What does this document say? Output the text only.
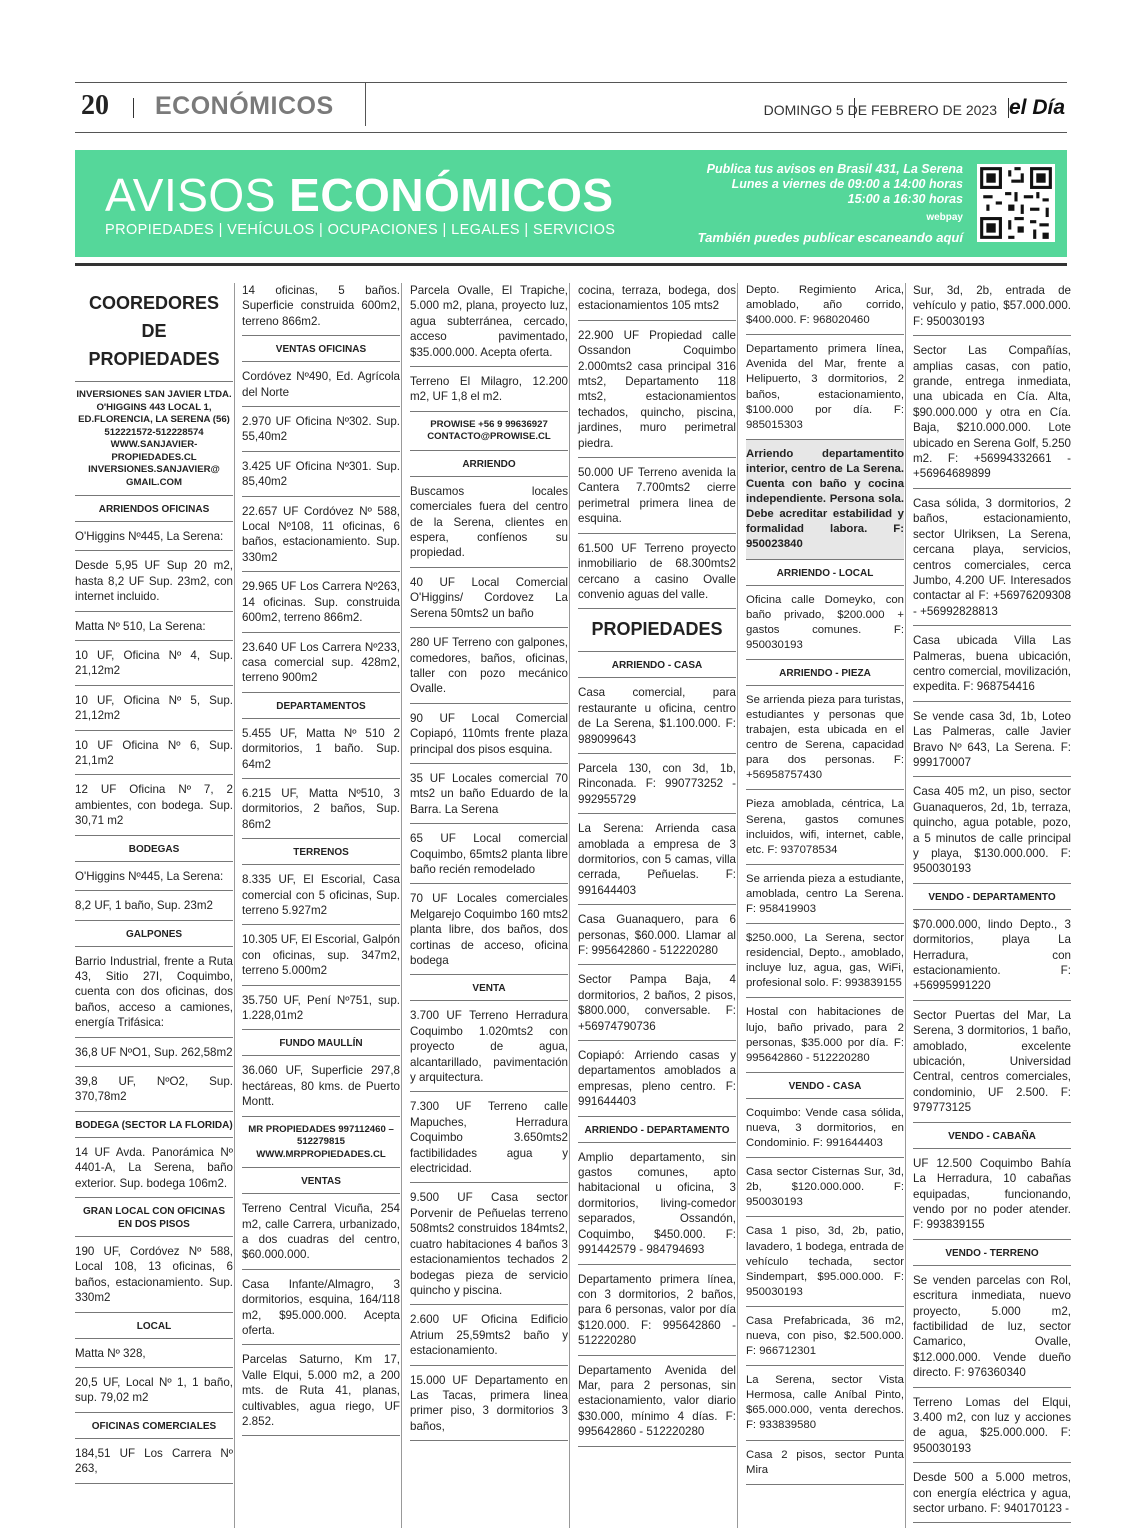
20 ECONÓMICOS	DOMINGO 5 DE FEBRERO DE 2023 el Día
AVISOS ECONÓMICOS
PROPIEDADES | VEHÍCULOS | OCUPACIONES | LEGALES | SERVICIOS
Publica tus avisos en Brasil 431, La Serena
Lunes a viernes de 09:00 a 14:00 horas
15:00 a 16:30 horas
webpay
También puedes publicar escaneando aquí
COOREDORES DE PROPIEDADES
INVERSIONES SAN JAVIER LTDA. O'HIGGINS 443 LOCAL 1, ED.FLORENCIA, LA SERENA (56) 512221572-512228574 WWW.SANJAVIER-PROPIEDADES.CL INVERSIONES.SANJAVIER@ GMAIL.COM
ARRIENDOS OFICINAS
O'Higgins Nº445, La Serena:
Desde 5,95 UF Sup 20 m2, hasta 8,2 UF Sup. 23m2, con internet incluido.
Matta Nº 510, La Serena:
10 UF, Oficina Nº 4, Sup. 21,12m2
10 UF, Oficina Nº 5, Sup. 21,12m2
10 UF Oficina Nº 6, Sup. 21,1m2
12 UF Oficina Nº 7, 2 ambientes, con bodega. Sup. 30,71 m2
BODEGAS
O'Higgins Nº445, La Serena:
8,2 UF, 1 baño, Sup. 23m2
GALPONES
Barrio Industrial, frente a Ruta 43, Sitio 27I, Coquimbo, cuenta con dos oficinas, dos baños, acceso a camiones, energía Trifásica:
36,8 UF NºO1, Sup. 262,58m2
39,8 UF, NºO2, Sup. 370,78m2
BODEGA (SECTOR LA FLORIDA)
14 UF Avda. Panorámica Nº 4401-A, La Serena, baño exterior. Sup. bodega 106m2.
GRAN LOCAL CON OFICINAS EN DOS PISOS
190 UF, Cordóvez Nº 588, Local 108, 13 oficinas, 6 baños, estacionamiento. Sup. 330m2
LOCAL
Matta Nº 328,
20,5 UF, Local Nº 1, 1 baño, sup. 79,02 m2
OFICINAS COMERCIALES
184,51 UF Los Carrera Nº 263,
14 oficinas, 5 baños. Superficie construida 600m2, terreno 866m2.
VENTAS OFICINAS
Cordóvez Nº490, Ed. Agrícola del Norte
2.970 UF Oficina Nº302. Sup. 55,40m2
3.425 UF Oficina Nº301. Sup. 85,40m2
22.657 UF Cordóvez Nº 588, Local Nº108, 11 oficinas, 6 baños, estacionamiento. Sup. 330m2
29.965 UF Los Carrera Nº263, 14 oficinas. Sup. construida 600m2, terreno 866m2.
23.640 UF Los Carrera Nº233, casa comercial sup. 428m2, terreno 900m2
DEPARTAMENTOS
5.455 UF, Matta Nº 510 2 dormitorios, 1 baño. Sup. 64m2
6.215 UF, Matta Nº510, 3 dormitorios, 2 baños, Sup. 86m2
TERRENOS
8.335 UF, El Escorial, Casa comercial con 5 oficinas, Sup. terreno 5.927m2
10.305 UF, El Escorial, Galpón con oficinas, sup. 347m2, terreno 5.000m2
35.750 UF, Pení Nº751, sup. 1.228,01m2
FUNDO MAULLÍN
36.060 UF, Superficie 297,8 hectáreas, 80 kms. de Puerto Montt.
MR PROPIEDADES 997112460 – 512279815 WWW.MRPROPIEDADES.CL
VENTAS
Terreno Central Vicuña, 254 m2, calle Carrera, urbanizado, a dos cuadras del centro, $60.000.000.
Casa Infante/Almagro, 3 dormitorios, esquina, 164/118 m2, $95.000.000. Acepta oferta.
Parcelas Saturno, Km 17, Valle Elqui, 5.000 m2, a 200 mts. de Ruta 41, planas, cultivables, agua riego, UF 2.852.
Parcela Ovalle, El Trapiche, 5.000 m2, plana, proyecto luz, agua subterránea, cercado, acceso pavimentado, $35.000.000. Acepta oferta.
Terreno El Milagro, 12.200 m2, UF 1,8 el m2.
PROWISE +56 9 99636927 CONTACTO@PROWISE.CL
ARRIENDO
Buscamos locales comerciales fuera del centro de la Serena, clientes en espera, confíenos su propiedad.
40 UF Local Comercial O'Higgins/ Cordovez La Serena 50mts2 un baño
280 UF Terreno con galpones, comedores, baños, oficinas, taller con pozo mecánico Ovalle.
90 UF Local Comercial Copiapó, 110mts frente plaza principal dos pisos esquina.
35 UF Locales comercial 70 mts2 un baño Eduardo de la Barra. La Serena
65 UF Local comercial Coquimbo, 65mts2 planta libre baño recién remodelado
70 UF Locales comerciales Melgarejo Coquimbo 160 mts2 planta libre, dos baños, dos cortinas de acceso, oficina bodega
VENTA
3.700 UF Terreno Herradura Coquimbo 1.020mts2 con proyecto de agua, alcantarillado, pavimentación y arquitectura.
7.300 UF Terreno calle Mapuches, Herradura Coquimbo 3.650mts2 factibilidades agua y electricidad.
9.500 UF Casa sector Porvenir de Peñuelas terreno 508mts2 construidos 184mts2, cuatro habitaciones 4 baños 3 estacionamientos techados 2 bodegas pieza de servicio quincho y piscina.
2.600 UF Oficina Edificio Atrium 25,59mts2 baño y estacionamiento.
15.000 UF Departamento en Las Tacas, primera linea primer piso, 3 dormitorios 3 baños,
cocina, terraza, bodega, dos estacionamientos 105 mts2
22.900 UF Propiedad calle Ossandon Coquimbo 2.000mts2 casa principal 316 mts2, Departamento 118 mts2, estacionamientos techados, quincho, piscina, jardines, muro perimetral piedra.
50.000 UF Terreno avenida la Cantera 7.700mts2 cierre perimetral primera linea de esquina.
61.500 UF Terreno proyecto inmobiliario de 68.300mts2 cercano a casino Ovalle convenio aguas del valle.
PROPIEDADES
ARRIENDO - CASA
Casa comercial, para restaurante u oficina, centro de La Serena, $1.100.000. F: 989099643
Parcela 130, con 3d, 1b, Rinconada. F: 990773252 - 992955729
La Serena: Arrienda casa amoblada a empresa de 3 dormitorios, con 5 camas, villa cerrada, Peñuelas. F: 991644403
Casa Guanaquero, para 6 personas, $60.000. Llamar al F: 995642860 - 512220280
Sector Pampa Baja, 4 dormitorios, 2 baños, 2 pisos, $800.000, conversable. F: +56974790736
Copiapó: Arriendo casas y departamentos amoblados a empresas, pleno centro. F: 991644403
ARRIENDO - DEPARTAMENTO
Amplio departamento, sin gastos comunes, apto habitacional u oficina, 3 dormitorios, living-comedor separados, Ossandón, Coquimbo, $450.000. F: 991442579 - 984794693
Departamento primera línea, con 3 dormitorios, 2 baños, para 6 personas, valor por día $120.000. F: 995642860 - 512220280
Departamento Avenida del Mar, para 2 personas, sin estacionamiento, valor diario $30.000, mínimo 4 días. F: 995642860 - 512220280
Depto. Regimiento Arica, amoblado, año corrido, $400.000. F: 968020460
Departamento primera línea, Avenida del Mar, frente a Helipuerto, 3 dormitorios, 2 baños, estacionamiento, $100.000 por día. F: 985015303
Arriendo departamentito interior, centro de La Serena. Cuenta con baño y cocina independiente. Persona sola. Debe acreditar estabilidad y formalidad labora. F: 950023840
ARRIENDO - LOCAL
Oficina calle Domeyko, con baño privado, $200.000 + gastos comunes. F: 950030193
ARRIENDO - PIEZA
Se arrienda pieza para turistas, estudiantes y personas que trabajen, esta ubicada en el centro de Serena, capacidad para dos personas. F: +56958757430
Pieza amoblada, céntrica, La Serena, gastos comunes incluidos, wifi, internet, cable, etc. F: 937078534
Se arrienda pieza a estudiante, amoblada, centro La Serena. F: 958419903
$250.000, La Serena, sector residencial, Depto., amoblado, incluye luz, agua, gas, WiFi, profesional solo. F: 993839155
Hostal con habitaciones de lujo, baño privado, para 2 personas, $35.000 por día. F: 995642860 - 512220280
VENDO - CASA
Coquimbo: Vende casa sólida, nueva, 3 dormitorios, en Condominio. F: 991644403
Casa sector Cisternas Sur, 3d, 2b, $120.000.000. F: 950030193
Casa 1 piso, 3d, 2b, patio, lavadero, 1 bodega, entrada de vehículo techada, sector Sindempart, $95.000.000. F: 950030193
Casa Prefabricada, 36 m2, nueva, con piso, $2.500.000. F: 966712301
La Serena, sector Vista Hermosa, calle Aníbal Pinto, $65.000.000, venta derechos. F: 933839580
Casa 2 pisos, sector Punta Mira
Sur, 3d, 2b, entrada de vehículo y patio, $57.000.000. F: 950030193
Sector Las Compañías, amplias casas, con patio, grande, entrega inmediata, una ubicada en Cía. Alta, $90.000.000 y otra en Cía. Baja, $210.000.000. Lote ubicado en Serena Golf, 5.250 m2. F: +56994332661 - +56964689899
Casa sólida, 3 dormitorios, 2 baños, estacionamiento, sector Ulriksen, La Serena, cercana playa, servicios, centros comerciales, cerca Jumbo, 4.200 UF. Interesados contactar al F: +56976209308 - +56992828813
Casa ubicada Villa Las Palmeras, buena ubicación, centro comercial, movilización, expedita. F: 968754416
Se vende casa 3d, 1b, Loteo Las Palmeras, calle Javier Bravo Nº 643, La Serena. F: 999170007
Casa 405 m2, un piso, sector Guanaqueros, 2d, 1b, terraza, quincho, agua potable, pozo, a 5 minutos de calle principal y playa, $130.000.000. F: 950030193
VENDO - DEPARTAMENTO
$70.000.000, lindo Depto., 3 dormitorios, playa La Herradura, con estacionamiento. F: +56995991220
Sector Puertas del Mar, La Serena, 3 dormitorios, 1 baño, amoblado, excelente ubicación, Universidad Central, centros comerciales, condominio, UF 2.500. F: 979773125
VENDO - CABAÑA
UF 12.500 Coquimbo Bahía La Herradura, 10 cabañas equipadas, funcionando, vendo por no poder atender. F: 993839155
VENDO - TERRENO
Se venden parcelas con Rol, escritura inmediata, nuevo proyecto, 5.000 m2, factibilidad de luz, sector Camarico, Ovalle, $12.000.000. Vende dueño directo. F: 976360340
Terreno Lomas del Elqui, 3.400 m2, con luz y acciones de agua, $25.000.000. F: 950030193
Desde 500 a 5.000 metros, con energía eléctrica y agua, sector urbano. F: 940170123 -
